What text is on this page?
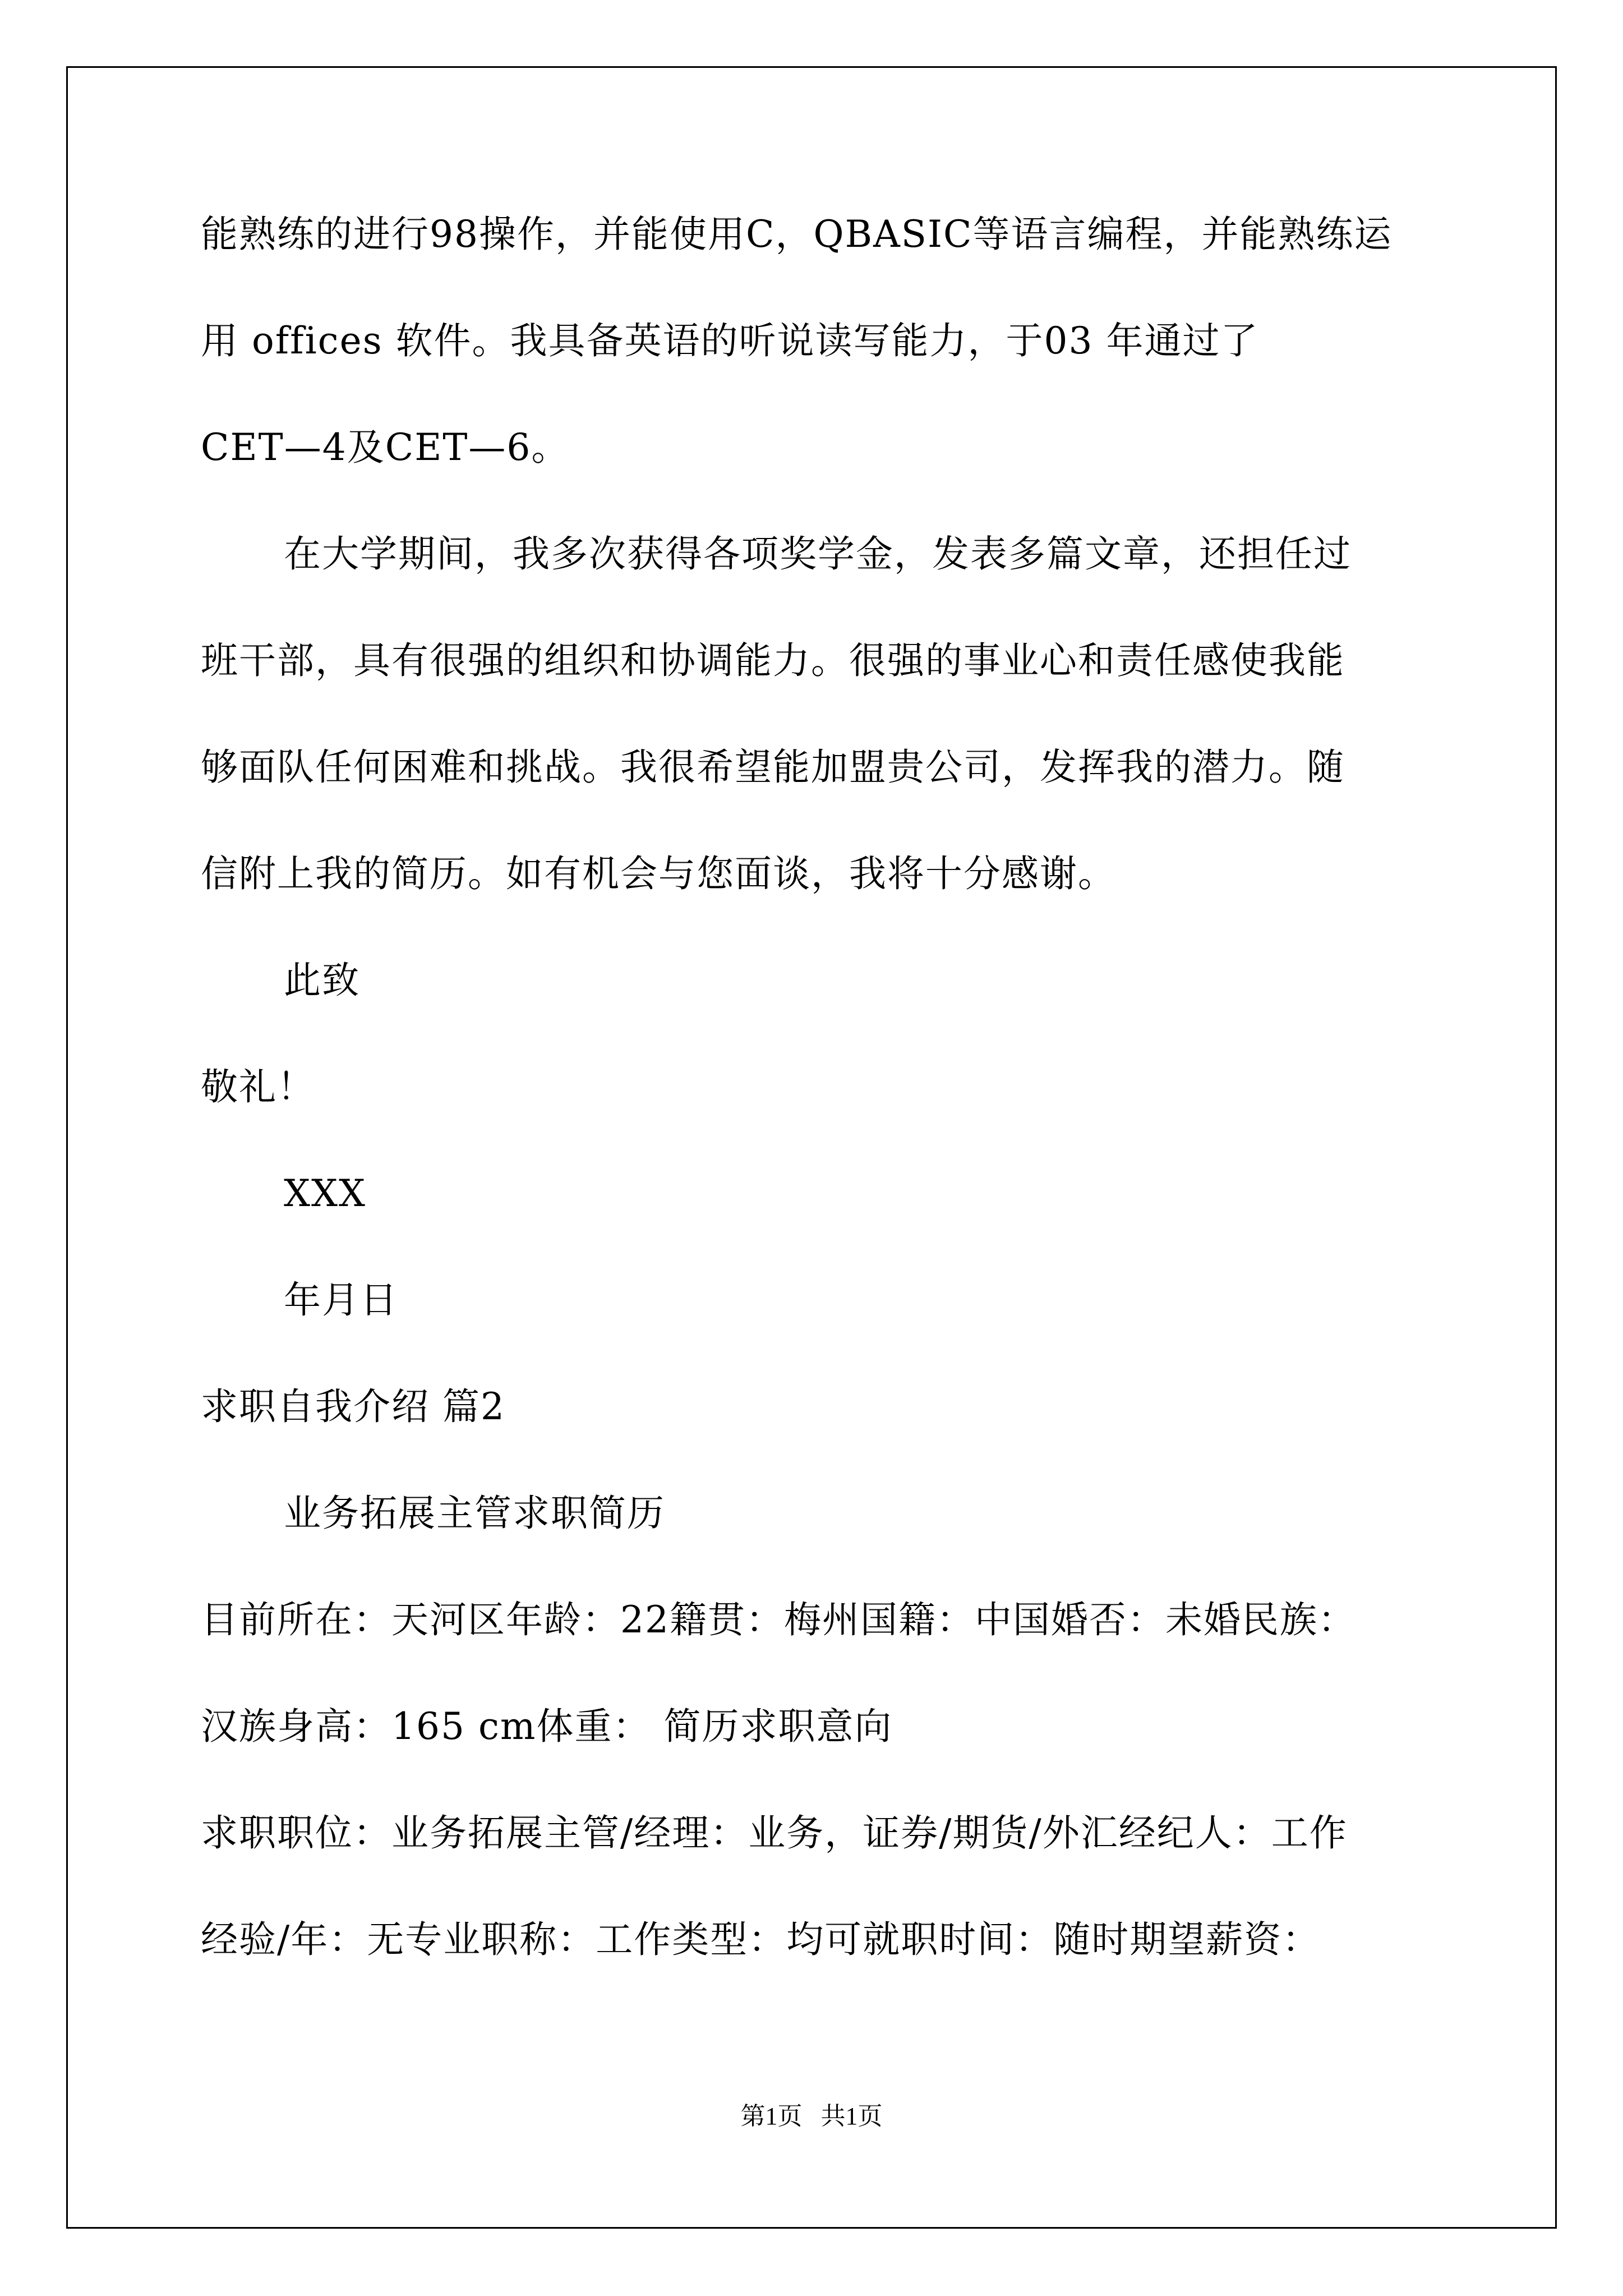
能熟练的进行98操作，并能使用C，QBASIC等语言编程，并能熟练运
用 offices 软件。我具备英语的听说读写能力，于03 年通过了
CET—4及CET—6。
在大学期间，我多次获得各项奖学金，发表多篇文章，还担任过
班干部，具有很强的组织和协调能力。很强的事业心和责任感使我能
够面队任何困难和挑战。我很希望能加盟贵公司，发挥我的潜力。随
信附上我的简历。如有机会与您面谈，我将十分感谢。
此致
敬礼！
XXX
年月日
求职自我介绍 篇2
业务拓展主管求职简历
目前所在：天河区年龄：22籍贯：梅州国籍：中国婚否：未婚民族：
汉族身高：165 cm体重： 简历求职意向
求职职位：业务拓展主管/经理：业务，证券/期货/外汇经纪人：工作
经验/年：无专业职称：工作类型：均可就职时间：随时期望薪资：
第1页   共1页
